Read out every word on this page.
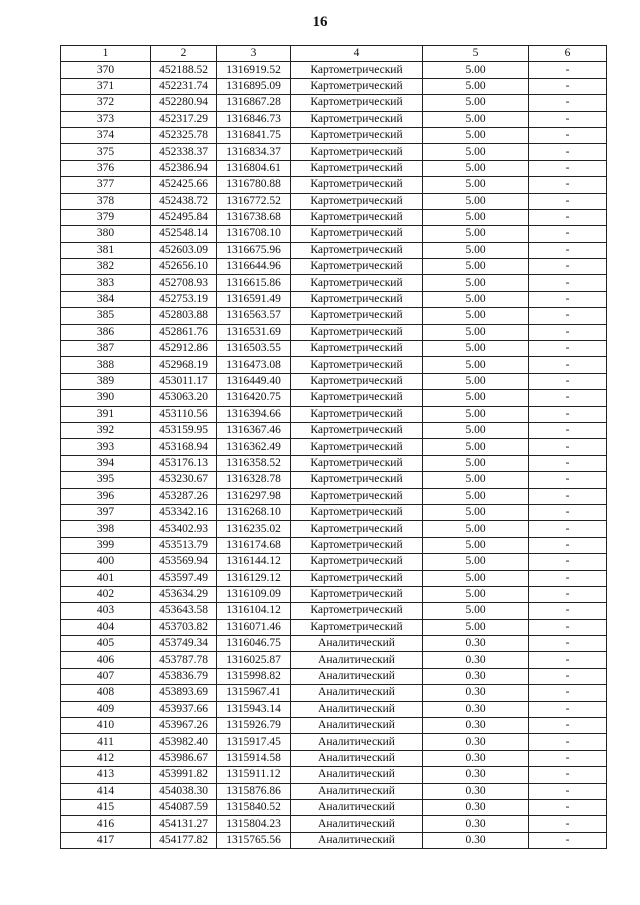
16
1	2	3	4	5	6
370	452188.52	1316919.52	Картометрический	5.00	-
371	452231.74	1316895.09	Картометрический	5.00	-
372	452280.94	1316867.28	Картометрический	5.00	-
373	452317.29	1316846.73	Картометрический	5.00	-
374	452325.78	1316841.75	Картометрический	5.00	-
375	452338.37	1316834.37	Картометрический	5.00	-
376	452386.94	1316804.61	Картометрический	5.00	-
377	452425.66	1316780.88	Картометрический	5.00	-
378	452438.72	1316772.52	Картометрический	5.00	-
379	452495.84	1316738.68	Картометрический	5.00	-
380	452548.14	1316708.10	Картометрический	5.00	-
381	452603.09	1316675.96	Картометрический	5.00	-
382	452656.10	1316644.96	Картометрический	5.00	-
383	452708.93	1316615.86	Картометрический	5.00	-
384	452753.19	1316591.49	Картометрический	5.00	-
385	452803.88	1316563.57	Картометрический	5.00	-
386	452861.76	1316531.69	Картометрический	5.00	-
387	452912.86	1316503.55	Картометрический	5.00	-
388	452968.19	1316473.08	Картометрический	5.00	-
389	453011.17	1316449.40	Картометрический	5.00	-
390	453063.20	1316420.75	Картометрический	5.00	-
391	453110.56	1316394.66	Картометрический	5.00	-
392	453159.95	1316367.46	Картометрический	5.00	-
393	453168.94	1316362.49	Картометрический	5.00	-
394	453176.13	1316358.52	Картометрический	5.00	-
395	453230.67	1316328.78	Картометрический	5.00	-
396	453287.26	1316297.98	Картометрический	5.00	-
397	453342.16	1316268.10	Картометрический	5.00	-
398	453402.93	1316235.02	Картометрический	5.00	-
399	453513.79	1316174.68	Картометрический	5.00	-
400	453569.94	1316144.12	Картометрический	5.00	-
401	453597.49	1316129.12	Картометрический	5.00	-
402	453634.29	1316109.09	Картометрический	5.00	-
403	453643.58	1316104.12	Картометрический	5.00	-
404	453703.82	1316071.46	Картометрический	5.00	-
405	453749.34	1316046.75	Аналитический	0.30	-
406	453787.78	1316025.87	Аналитический	0.30	-
407	453836.79	1315998.82	Аналитический	0.30	-
408	453893.69	1315967.41	Аналитический	0.30	-
409	453937.66	1315943.14	Аналитический	0.30	-
410	453967.26	1315926.79	Аналитический	0.30	-
411	453982.40	1315917.45	Аналитический	0.30	-
412	453986.67	1315914.58	Аналитический	0.30	-
413	453991.82	1315911.12	Аналитический	0.30	-
414	454038.30	1315876.86	Аналитический	0.30	-
415	454087.59	1315840.52	Аналитический	0.30	-
416	454131.27	1315804.23	Аналитический	0.30	-
417	454177.82	1315765.56	Аналитический	0.30	-
